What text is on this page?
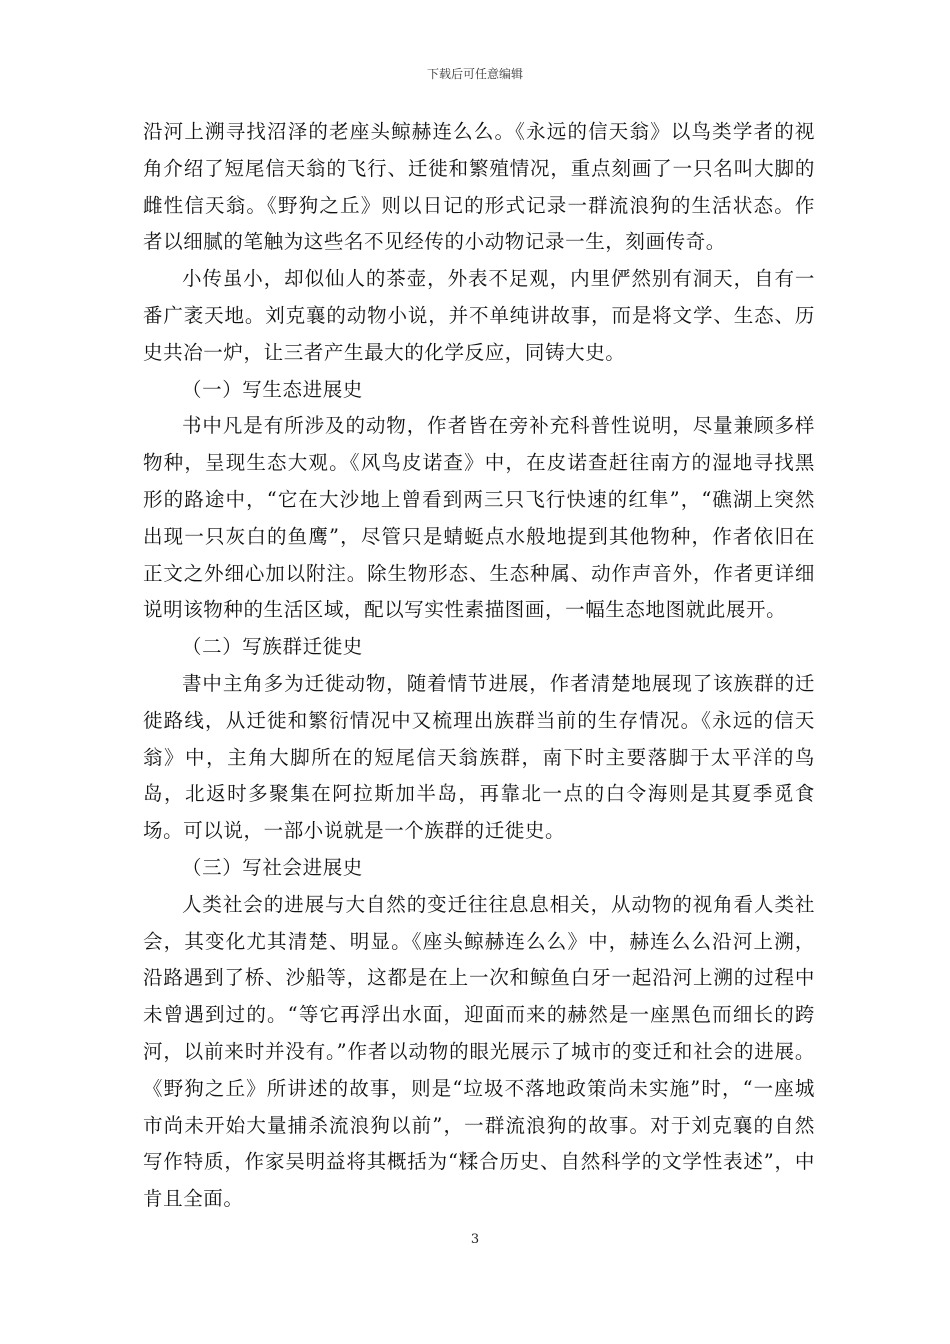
下载后可任意编辑

沿河上溯寻找沼泽的老座头鲸赫连么么。《永远的信天翁》以鸟类学者的视角介绍了短尾信天翁的飞行、迁徙和繁殖情况，重点刻画了一只名叫大脚的雌性信天翁。《野狗之丘》则以日记的形式记录一群流浪狗的生活状态。作者以细腻的笔触为这些名不见经传的小动物记录一生，刻画传奇。

小传虽小，却似仙人的茶壶，外表不足观，内里俨然别有洞天，自有一番广袤天地。刘克襄的动物小说，并不单纯讲故事，而是将文学、生态、历史共冶一炉，让三者产生最大的化学反应，同铸大史。

（一）写生态进展史

书中凡是有所涉及的动物，作者皆在旁补充科普性说明，尽量兼顾多样物种，呈现生态大观。《风鸟皮诺查》中，在皮诺查赶往南方的湿地寻找黑形的路途中，“它在大沙地上曾看到两三只飞行快速的红隼”，“礁湖上突然出现一只灰白的鱼鹰”，尽管只是蜻蜓点水般地提到其他物种，作者依旧在正文之外细心加以附注。除生物形态、生态种属、动作声音外，作者更详细说明该物种的生活区域，配以写实性素描图画，一幅生态地图就此展开。

（二）写族群迁徙史

書中主角多为迁徙动物，随着情节进展，作者清楚地展现了该族群的迁徙路线，从迁徙和繁衍情况中又梳理出族群当前的生存情况。《永远的信天翁》中，主角大脚所在的短尾信天翁族群，南下时主要落脚于太平洋的鸟岛，北返时多聚集在阿拉斯加半岛，再靠北一点的白令海则是其夏季觅食场。可以说，一部小说就是一个族群的迁徙史。

（三）写社会进展史

人类社会的进展与大自然的变迁往往息息相关，从动物的视角看人类社会，其变化尤其清楚、明显。《座头鲸赫连么么》中，赫连么么沿河上溯，沿路遇到了桥、沙船等，这都是在上一次和鲸鱼白牙一起沿河上溯的过程中未曾遇到过的。“等它再浮出水面，迎面而来的赫然是一座黑色而细长的跨河，以前来时并没有。”作者以动物的眼光展示了城市的变迁和社会的进展。《野狗之丘》所讲述的故事，则是“垃圾不落地政策尚未实施”时，“一座城市尚未开始大量捕杀流浪狗以前”，一群流浪狗的故事。对于刘克襄的自然写作特质，作家吴明益将其概括为“糅合历史、自然科学的文学性表述”，中肯且全面。

3
